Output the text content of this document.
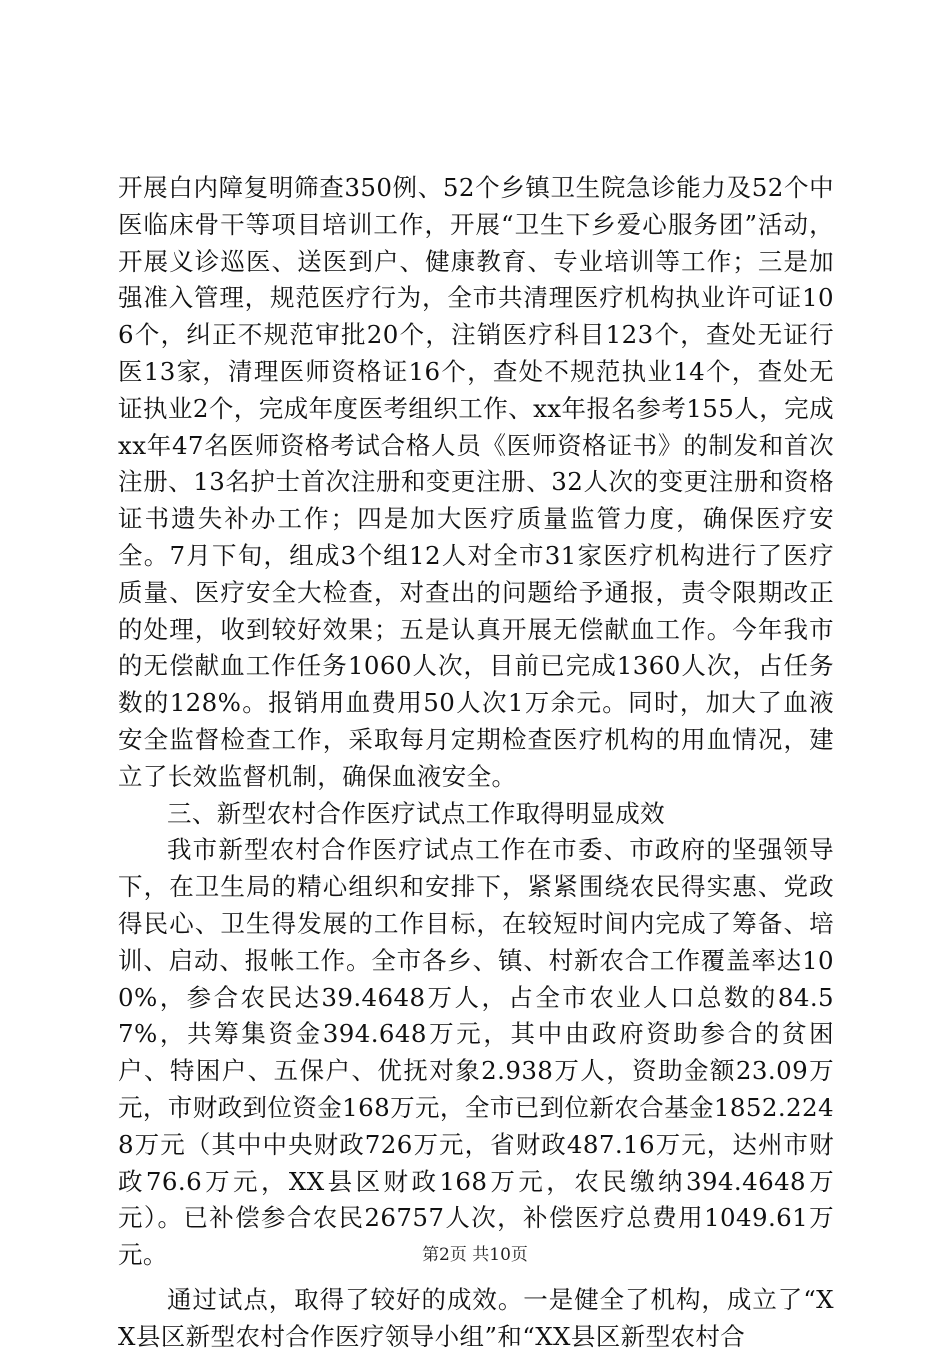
开展白内障复明筛查350例、52个乡镇卫生院急诊能力及52个中医临床骨干等项目培训工作，开展“卫生下乡爱心服务团”活动，开展义诊巡医、送医到户、健康教育、专业培训等工作；三是加强准入管理，规范医疗行为，全市共清理医疗机构执业许可证106个，纠正不规范审批20个，注销医疗科目123个，查处无证行医13家，清理医师资格证16个，查处不规范执业14个，查处无证执业2个，完成年度医考组织工作、xx年报名参考155人，完成xx年47名医师资格考试合格人员《医师资格证书》的制发和首次注册、13名护士首次注册和变更注册、32人次的变更注册和资格证书遗失补办工作；四是加大医疗质量监管力度，确保医疗安全。7月下旬，组成3个组12人对全市31家医疗机构进行了医疗质量、医疗安全大检查，对查出的问题给予通报，责令限期改正的处理，收到较好效果；五是认真开展无偿献血工作。今年我市的无偿献血工作任务1060人次，目前已完成1360人次，占任务数的128%。报销用血费用50人次1万余元。同时，加大了血液安全监督检查工作，采取每月定期检查医疗机构的用血情况，建立了长效监督机制，确保血液安全。

三、新型农村合作医疗试点工作取得明显成效

我市新型农村合作医疗试点工作在市委、市政府的坚强领导下，在卫生局的精心组织和安排下，紧紧围绕农民得实惠、党政得民心、卫生得发展的工作目标，在较短时间内完成了筹备、培训、启动、报帐工作。全市各乡、镇、村新农合工作覆盖率达100%，参合农民达39.4648万人，占全市农业人口总数的84.57%，共筹集资金394.648万元，其中由政府资助参合的贫困户、特困户、五保户、优抚对象2.938万人，资助金额23.09万元，市财政到位资金168万元，全市已到位新农合基金1852.2248万元（其中中央财政726万元，省财政487.16万元，达州市财政76.6万元，XX县区财政168万元，农民缴纳394.4648万元）。已补偿参合农民26757人次，补偿医疗总费用1049.61万元。

通过试点，取得了较好的成效。一是健全了机构，成立了“XX县区新型农村合作医疗领导小组”和“XX县区新型农村合

第2页 共10页
